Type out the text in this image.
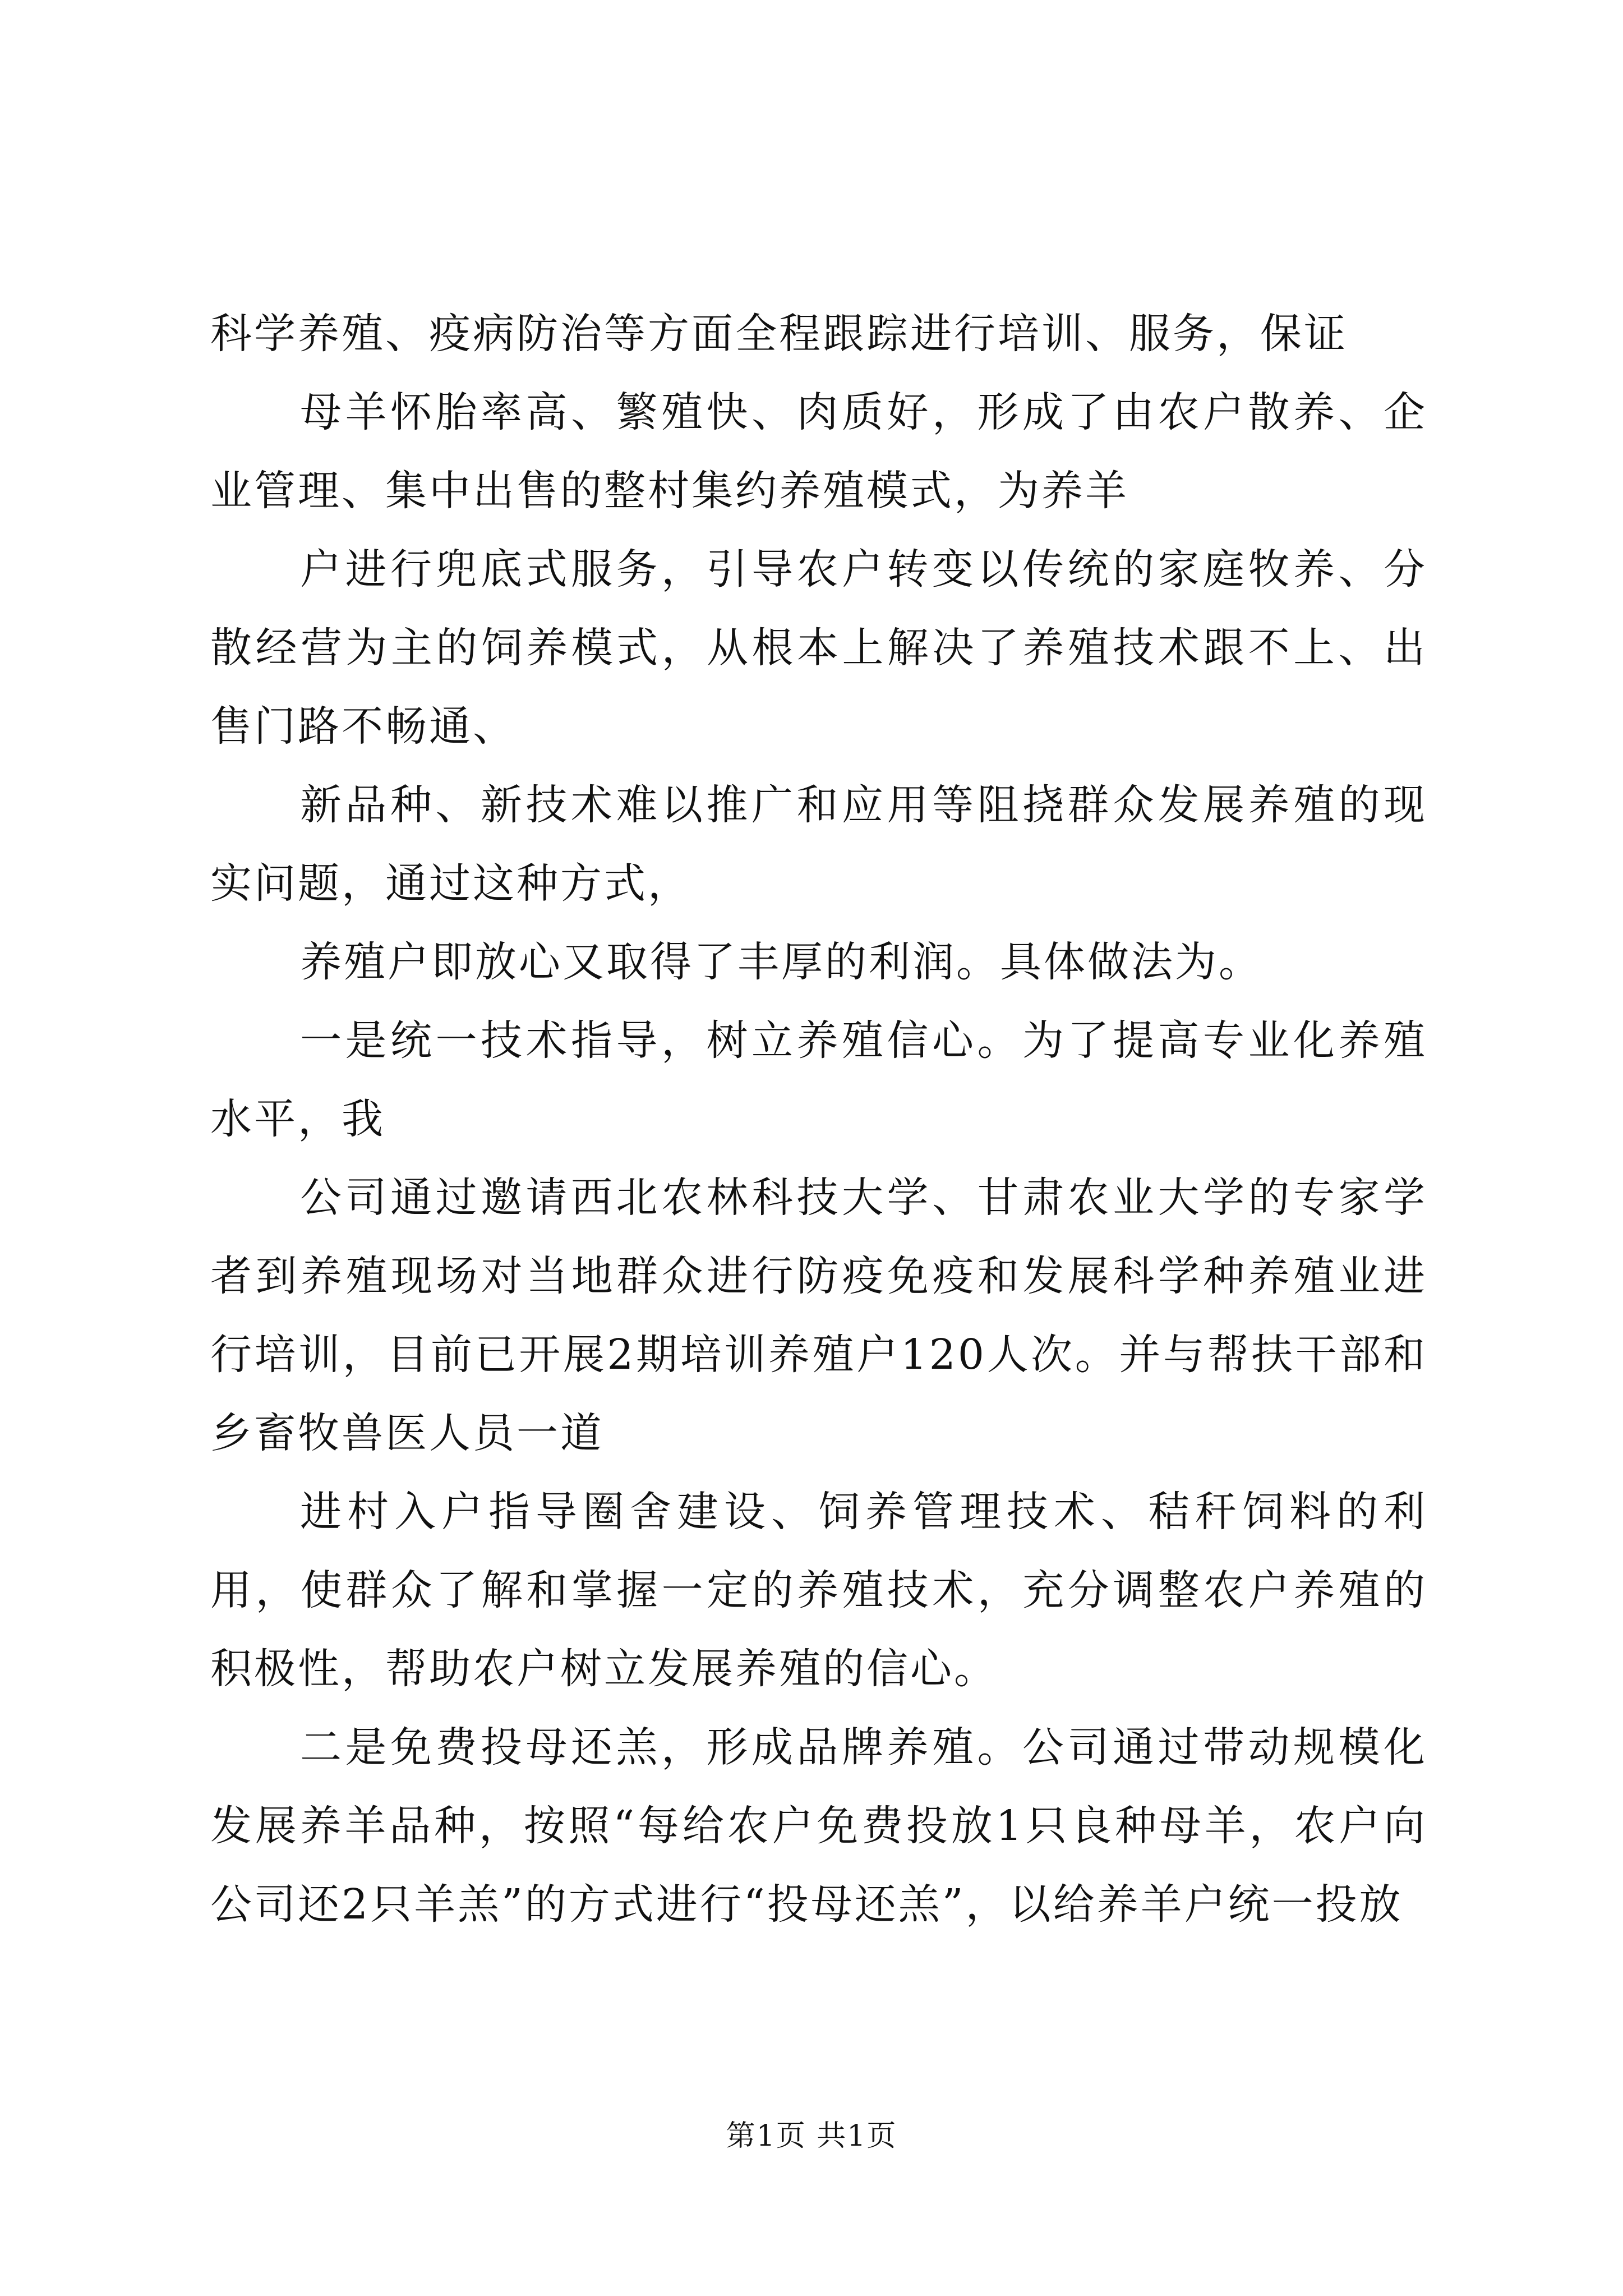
科学养殖、疫病防治等方面全程跟踪进行培训、服务，保证

母羊怀胎率高、繁殖快、肉质好，形成了由农户散养、企业管理、集中出售的整村集约养殖模式，为养羊

户进行兜底式服务，引导农户转变以传统的家庭牧养、分散经营为主的饲养模式，从根本上解决了养殖技术跟不上、出售门路不畅通、

新品种、新技术难以推广和应用等阻挠群众发展养殖的现实问题，通过这种方式，

养殖户即放心又取得了丰厚的利润。具体做法为。

一是统一技术指导，树立养殖信心。为了提高专业化养殖水平，我

公司通过邀请西北农林科技大学、甘肃农业大学的专家学者到养殖现场对当地群众进行防疫免疫和发展科学种养殖业进行培训，目前已开展2期培训养殖户120人次。并与帮扶干部和乡畜牧兽医人员一道

进村入户指导圈舍建设、饲养管理技术、秸秆饲料的利用，使群众了解和掌握一定的养殖技术，充分调整农户养殖的积极性，帮助农户树立发展养殖的信心。

二是免费投母还羔，形成品牌养殖。公司通过带动规模化发展养羊品种，按照“每给农户免费投放1只良种母羊，农户向公司还2只羊羔”的方式进行“投母还羔”，以给养羊户统一投放

第1页 共1页
